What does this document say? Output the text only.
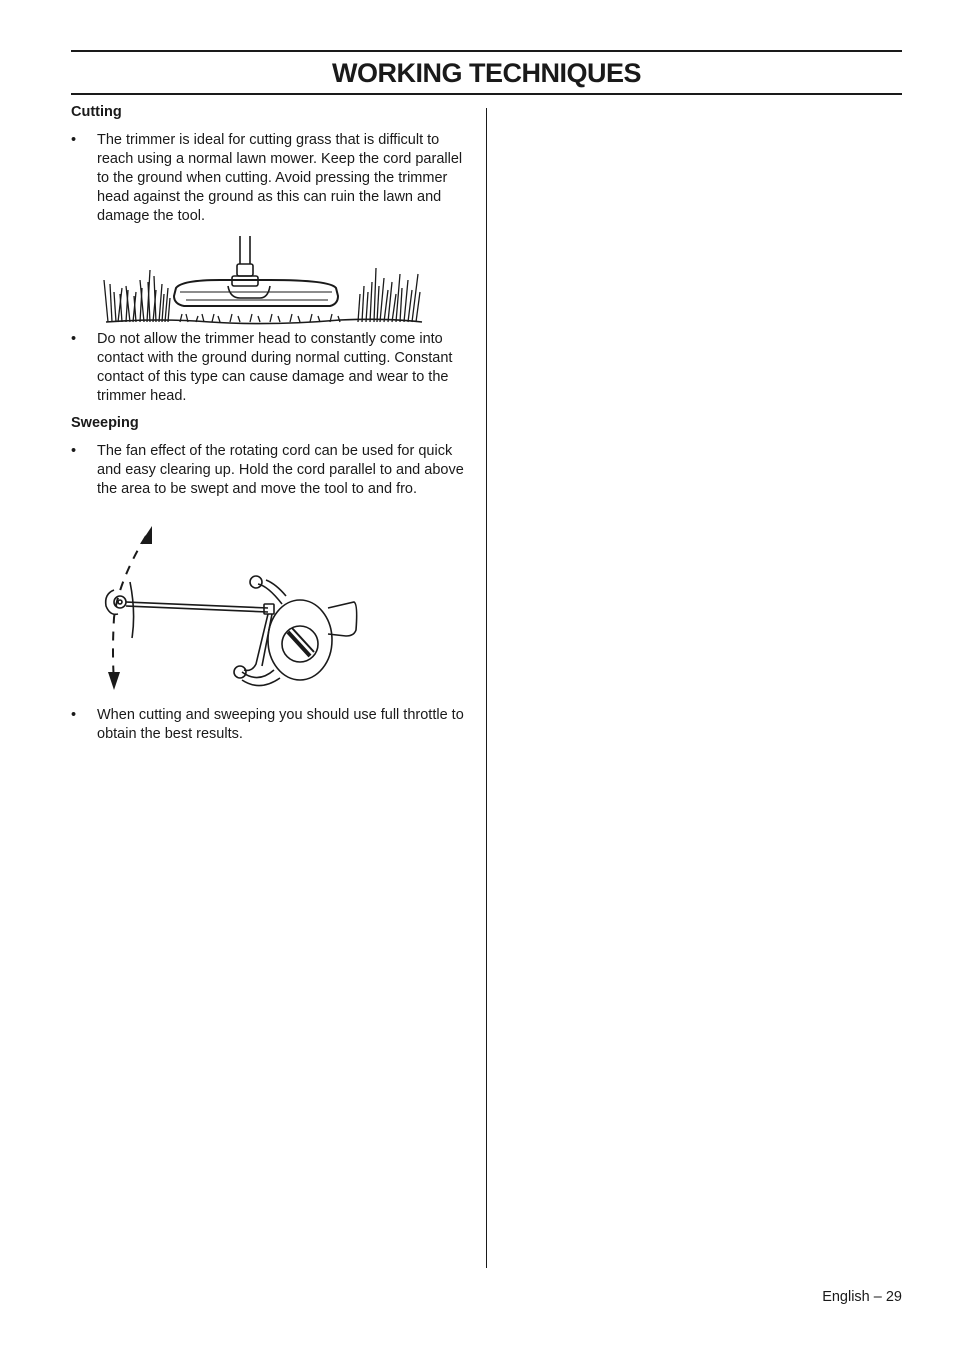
WORKING TECHNIQUES
Cutting
• The trimmer is ideal for cutting grass that is difficult to reach using a normal lawn mower. Keep the cord parallel to the ground when cutting. Avoid pressing the trimmer head against the ground as this can ruin the lawn and damage the tool.
• Do not allow the trimmer head to constantly come into contact with the ground during normal cutting. Constant contact of this type can cause damage and wear to the trimmer head.
Sweeping
• The fan effect of the rotating cord can be used for quick and easy clearing up. Hold the cord parallel to and above the area to be swept and move the tool to and fro.
• When cutting and sweeping you should use full throttle to obtain the best results.
English – 29
